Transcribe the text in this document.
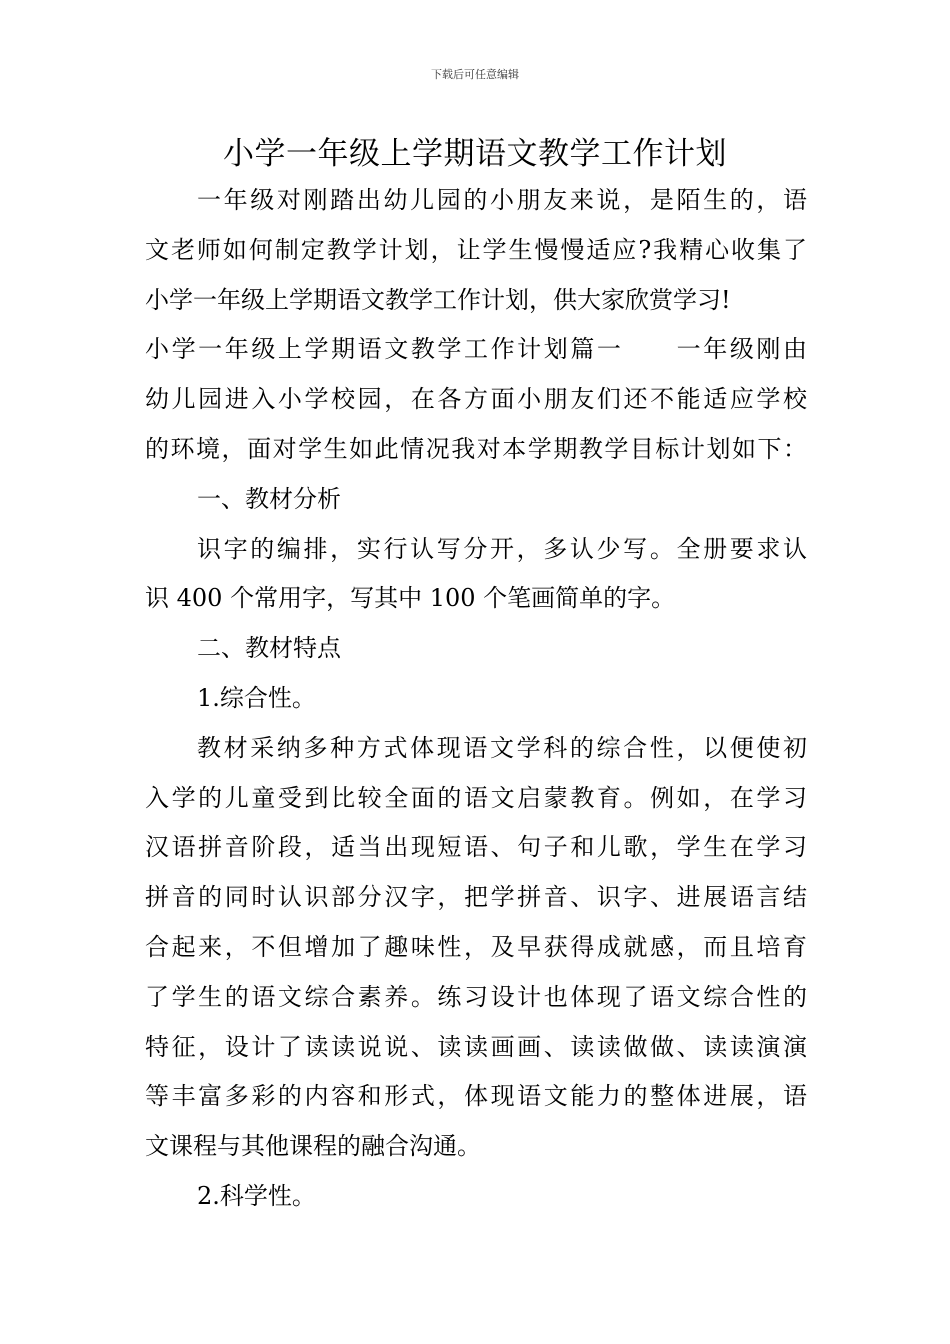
下载后可任意编辑
小学一年级上学期语文教学工作计划
一年级对刚踏出幼儿园的小朋友来说，是陌生的，语
文老师如何制定教学计划，让学生慢慢适应?我精心收集了
小学一年级上学期语文教学工作计划，供大家欣赏学习!
小学一年级上学期语文教学工作计划篇一　　一年级刚由
幼儿园进入小学校园，在各方面小朋友们还不能适应学校
的环境，面对学生如此情况我对本学期教学目标计划如下：
一、教材分析
识字的编排，实行认写分开，多认少写。全册要求认
识 400 个常用字，写其中 100 个笔画简单的字。
二、教材特点
1.综合性。
教材采纳多种方式体现语文学科的综合性，以便使初
入学的儿童受到比较全面的语文启蒙教育。例如，在学习
汉语拼音阶段，适当出现短语、句子和儿歌，学生在学习
拼音的同时认识部分汉字，把学拼音、识字、进展语言结
合起来，不但增加了趣味性，及早获得成就感，而且培育
了学生的语文综合素养。练习设计也体现了语文综合性的
特征，设计了读读说说、读读画画、读读做做、读读演演
等丰富多彩的内容和形式，体现语文能力的整体进展，语
文课程与其他课程的融合沟通。
2.科学性。
